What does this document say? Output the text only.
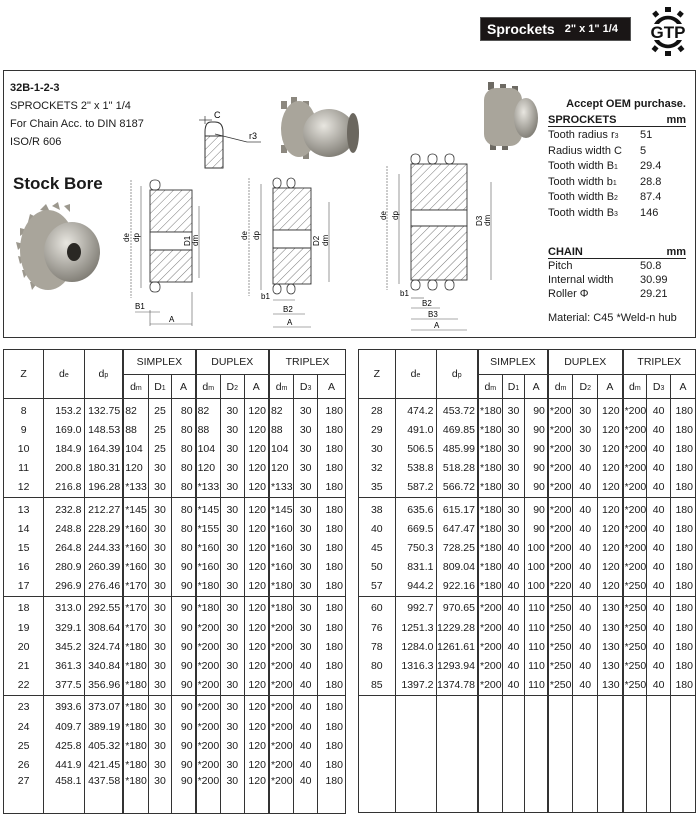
Sprockets 2" x 1" 1/4 GTP
32B-1-2-3
SPROCKETS 2" x 1" 1/4
For Chain Acc. to DIN 8187
ISO/R 606
Stock Bore
C
r3
de dp	D1 dm
B1
A
de dp
D2 dm
b1
B2
A
de dp
D3 dm
b1
B2
B3
A
Accept OEM purchase.
SPROCKETS	mm
Tooth radius r3 51
Radius width C 5
Tooth width B1 29.4
Tooth width b1 28.8
Tooth width B2 87.4
Tooth width B3 146
CHAIN	mm
Pitch	50.8
Internal width 30.99
Roller Φ	29.21
Material: C45 *Weld-n hub
Z	de	dp	SIMPLEX			DUPLEX			TRIPLEX		
			dm	D1	A	dm	D2	A	dm	D3	A
8	153.2	132.75	82	25	80	82	30	120	82	30	180
9	169.0	148.53	88	25	80	88	30	120	88	30	180
10	184.9	164.39	104	25	80	104	30	120	104	30	180
11	200.8	180.31	120	30	80	120	30	120	120	30	180
12	216.8	196.28	*133	30	80	*133	30	120	*133	30	180
13	232.8	212.27	*145	30	80	*145	30	120	*145	30	180
14	248.8	228.29	*160	30	80	*155	30	120	*160	30	180
15	264.8	244.33	*160	30	80	*160	30	120	*160	30	180
16	280.9	260.39	*160	30	90	*160	30	120	*160	30	180
17	296.9	276.46	*170	30	90	*180	30	120	*180	30	180
18	313.0	292.55	*170	30	90	*180	30	120	*180	30	180
19	329.1	308.64	*170	30	90	*200	30	120	*200	30	180
20	345.2	324.74	*180	30	90	*200	30	120	*200	30	180
21	361.3	340.84	*180	30	90	*200	30	120	*200	40	180
22	377.5	356.96	*180	30	90	*200	30	120	*200	40	180
23	393.6	373.07	*180	30	90	*200	30	120	*200	40	180
24	409.7	389.19	*180	30	90	*200	30	120	*200	40	180
25	425.8	405.32	*180	30	90	*200	30	120	*200	40	180
26	441.9	421.45	*180	30	90	*200	30	120	*200	40	180
27	458.1	437.58	*180	30	90	*200	30	120	*200	40	180
Z	de	dp	SIMPLEX			DUPLEX			TRIPLEX		
			dm	D1	A	dm	D2	A	dm	D3	A
28	474.2	453.72	*180	30	90	*200	30	120	*200	40	180
29	491.0	469.85	*180	30	90	*200	30	120	*200	40	180
30	506.5	485.99	*180	30	90	*200	30	120	*200	40	180
32	538.8	518.28	*180	30	90	*200	40	120	*200	40	180
35	587.2	566.72	*180	30	90	*200	40	120	*200	40	180
38	635.6	615.17	*180	30	90	*200	40	120	*200	40	180
40	669.5	647.47	*180	30	90	*200	40	120	*200	40	180
45	750.3	728.25	*180	40	100	*200	40	120	*200	40	180
50	831.1	809.04	*180	40	100	*200	40	120	*200	40	180
57	944.2	922.16	*180	40	100	*220	40	120	*250	40	180
60	992.7	970.65	*200	40	110	*250	40	130	*250	40	180
76	1251.3	1229.28	*200	40	110	*250	40	130	*250	40	180
78	1284.0	1261.61	*200	40	110	*250	40	130	*250	40	180
80	1316.3	1293.94	*200	40	110	*250	40	130	*250	40	180
85	1397.2	1374.78	*200	40	110	*250	40	130	*250	40	180
